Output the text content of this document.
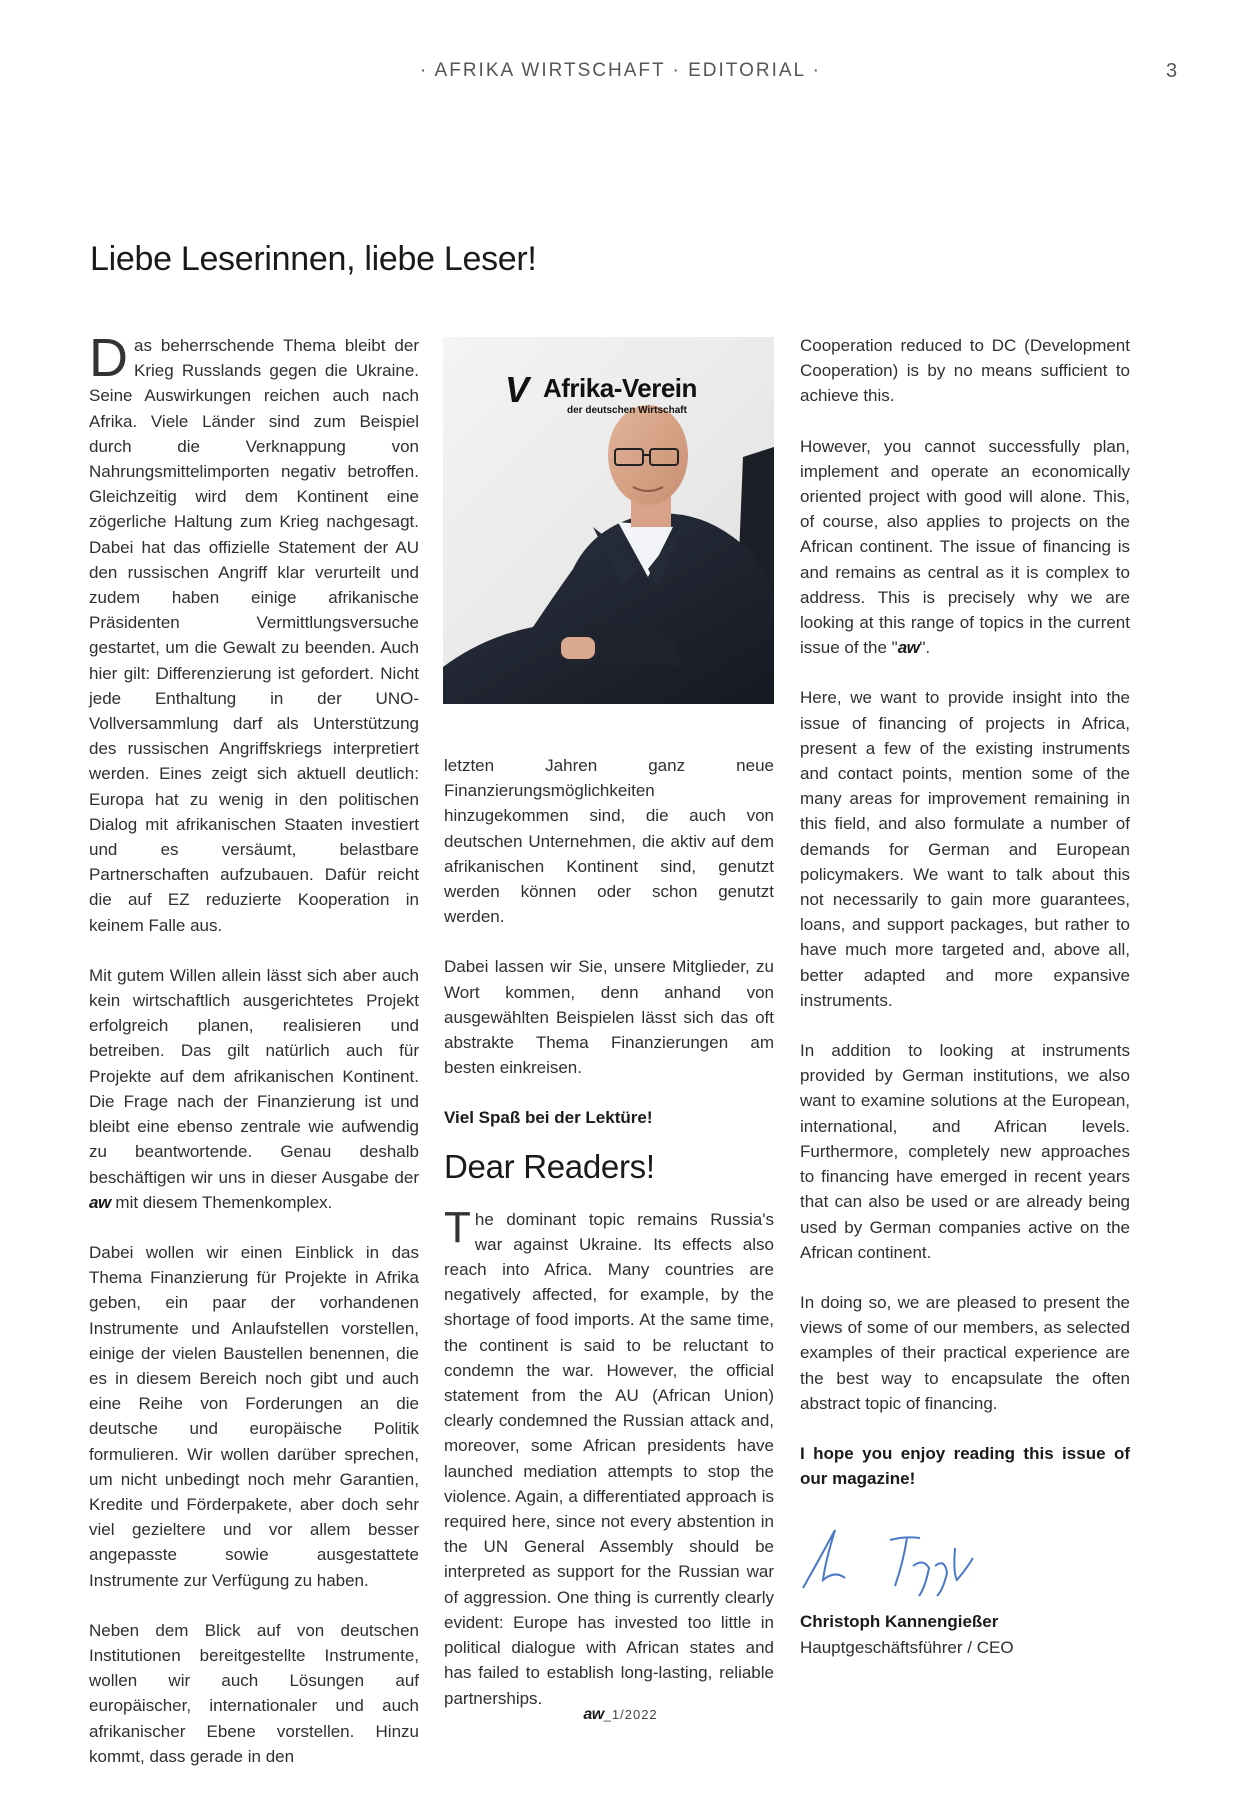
· AFRIKA WIRTSCHAFT · EDITORIAL ·	3
Liebe Leserinnen, liebe Leser!

Das beherrschende Thema bleibt der Krieg Russlands gegen die Ukraine. Seine Auswirkungen reichen auch nach Afrika. Viele Länder sind zum Beispiel durch die Verknappung von Nahrungsmittelimporten negativ betroffen. Gleichzeitig wird dem Kontinent eine zögerliche Haltung zum Krieg nachgesagt. Dabei hat das offizielle Statement der AU den russischen Angriff klar verurteilt und zudem haben einige afrikanische Präsidenten Vermittlungsversuche gestartet, um die Gewalt zu beenden. Auch hier gilt: Differenzierung ist gefordert. Nicht jede Enthaltung in der UNO-Vollversammlung darf als Unterstützung des russischen Angriffskriegs interpretiert werden. Eines zeigt sich aktuell deutlich: Europa hat zu wenig in den politischen Dialog mit afrikanischen Staaten investiert und es versäumt, belastbare Partnerschaften aufzubauen. Dafür reicht die auf EZ reduzierte Kooperation in keinem Falle aus.

Mit gutem Willen allein lässt sich aber auch kein wirtschaftlich ausgerichtetes Projekt erfolgreich planen, realisieren und betreiben. Das gilt natürlich auch für Projekte auf dem afrikanischen Kontinent. Die Frage nach der Finanzierung ist und bleibt eine ebenso zentrale wie aufwendig zu beantwortende. Genau deshalb beschäftigen wir uns in dieser Ausgabe der aw mit diesem Themenkomplex.

Dabei wollen wir einen Einblick in das Thema Finanzierung für Projekte in Afrika geben, ein paar der vorhandenen Instrumente und Anlaufstellen vorstellen, einige der vielen Baustellen benennen, die es in diesem Bereich noch gibt und auch eine Reihe von Forderungen an die deutsche und europäische Politik formulieren. Wir wollen darüber sprechen, um nicht unbedingt noch mehr Garantien, Kredite und Förderpakete, aber doch sehr viel gezieltere und vor allem besser angepasste sowie ausgestattete Instrumente zur Verfügung zu haben.

Neben dem Blick auf von deutschen Institutionen bereitgestellte Instrumente, wollen wir auch Lösungen auf europäischer, internationaler und auch afrikanischer Ebene vorstellen. Hinzu kommt, dass gerade in den

V Afrika-Verein
der deutschen Wirtschaft

letzten Jahren ganz neue Finanzierungsmöglichkeiten hinzugekommen sind, die auch von deutschen Unternehmen, die aktiv auf dem afrikanischen Kontinent sind, genutzt werden können oder schon genutzt werden.

Dabei lassen wir Sie, unsere Mitglieder, zu Wort kommen, denn anhand von ausgewählten Beispielen lässt sich das oft abstrakte Thema Finanzierungen am besten einkreisen.

Viel Spaß bei der Lektüre!

Dear Readers!

The dominant topic remains Russia's war against Ukraine. Its effects also reach into Africa. Many countries are negatively affected, for example, by the shortage of food imports. At the same time, the continent is said to be reluctant to condemn the war. However, the official statement from the AU (African Union) clearly condemned the Russian attack and, moreover, some African presidents have launched mediation attempts to stop the violence. Again, a differentiated approach is required here, since not every abstention in the UN General Assembly should be interpreted as support for the Russian war of aggression. One thing is currently clearly evident: Europe has invested too little in political dialogue with African states and has failed to establish long-lasting, reliable partnerships.

Cooperation reduced to DC (Development Cooperation) is by no means sufficient to achieve this.

However, you cannot successfully plan, implement and operate an economically oriented project with good will alone. This, of course, also applies to projects on the African continent. The issue of financing is and remains as central as it is complex to address. This is precisely why we are looking at this range of topics in the current issue of the "aw".

Here, we want to provide insight into the issue of financing of projects in Africa, present a few of the existing instruments and contact points, mention some of the many areas for improvement remaining in this field, and also formulate a number of demands for German and European policymakers. We want to talk about this not necessarily to gain more guarantees, loans, and support packages, but rather to have much more targeted and, above all, better adapted and more expansive instruments.

In addition to looking at instruments provided by German institutions, we also want to examine solutions at the European, international, and African levels. Furthermore, completely new approaches to financing have emerged in recent years that can also be used or are already being used by German companies active on the African continent.

In doing so, we are pleased to present the views of some of our members, as selected examples of their practical experience are the best way to encapsulate the often abstract topic of financing.

I hope you enjoy reading this issue of our magazine!

Christoph Kannengießer
Hauptgeschäftsführer / CEO
aw_1/2022
